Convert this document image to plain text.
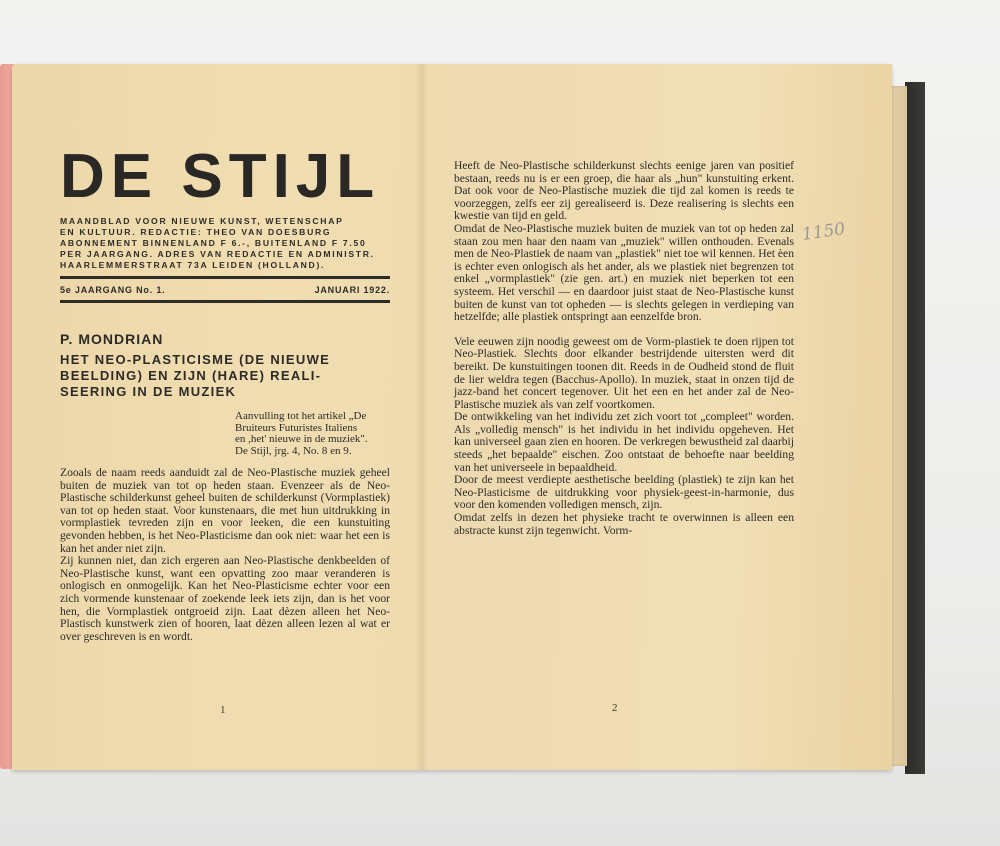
DE STIJL
MAANDBLAD VOOR NIEUWE KUNST, WETENSCHAP
EN KULTUUR. REDACTIE: THEO VAN DOESBURG
ABONNEMENT BINNENLAND F 6.-, BUITENLAND F 7.50
PER JAARGANG. ADRES VAN REDACTIE EN ADMINISTR.
HAARLEMMERSTRAAT 73A LEIDEN (HOLLAND).
5e JAARGANG No. 1.	JANUARI 1922.
P. MONDRIAN
HET NEO-PLASTICISME (DE NIEUWE
BEELDING) EN ZIJN (HARE) REALI-
SEERING IN DE MUZIEK
Aanvulling tot het artikel „De
Bruiteurs Futuristes Italiens
en ,het' nieuwe in de muziek".
De Stijl, jrg. 4, No. 8 en 9.

Zooals de naam reeds aanduidt zal de Neo-Plastische muziek geheel buiten de muziek van tot op heden staan. Evenzeer als de Neo-Plastische schilderkunst geheel buiten de schilderkunst (Vormplastiek) van tot op heden staat. Voor kunstenaars, die met hun uitdrukking in vormplastiek tevreden zijn en voor leeken, die een kunstuiting gevonden hebben, is het Neo-Plasticisme dan ook niet: waar het een is kan het ander niet zijn.

Zij kunnen niet, dan zich ergeren aan Neo-Plastische denkbeelden of Neo-Plastische kunst, want een opvatting zoo maar veranderen is onlogisch en onmogelijk. Kan het Neo-Plasticisme echter voor een zich vormende kunstenaar of zoekende leek iets zijn, dan is het voor hen, die Vormplastiek ontgroeid zijn. Laat dèzen alleen het Neo-Plastisch kunstwerk zien of hooren, laat dèzen alleen lezen al wat er over geschreven is en wordt.

Heeft de Neo-Plastische schilderkunst slechts eenige jaren van positief bestaan, reeds nu is er een groep, die haar als „hun" kunstuiting erkent. Dat ook voor de Neo-Plastische muziek die tijd zal komen is reeds te voorzeggen, zelfs eer zij gerealiseerd is. Deze realisering is slechts een kwestie van tijd en geld.

Omdat de Neo-Plastische muziek buiten de muziek van tot op heden zal staan zou men haar den naam van „muziek" willen onthouden. Evenals men de Neo-Plastiek de naam van „plastiek" niet toe wil kennen. Het èen is echter even onlogisch als het ander, als we plastiek niet begrenzen tot enkel „vormplastiek" (zie gen. art.) en muziek niet beperken tot een systeem. Het verschil — en daardoor juist staat de Neo-Plastische kunst buiten de kunst van tot opheden — is slechts gelegen in verdieping van hetzelfde; alle plastiek ontspringt aan eenzelfde bron.

Vele eeuwen zijn noodig geweest om de Vorm-plastiek te doen rijpen tot Neo-Plastiek. Slechts door elkander bestrijdende uitersten werd dit bereikt. De kunstuitingen toonen dit. Reeds in de Oudheid stond de fluit de lier weldra tegen (Bacchus-Apollo). In muziek, staat in onzen tijd de jazz-band het concert tegenover. Uit het een en het ander zal de Neo-Plastische muziek als van zelf voortkomen.

De ontwikkeling van het individu zet zich voort tot „compleet" worden. Als „volledig mensch" is het individu in het individu opgeheven. Het kan universeel gaan zien en hooren. De verkregen bewustheid zal daarbij steeds „het bepaalde" eischen. Zoo ontstaat de behoefte naar beelding van het universeele in bepaaldheid.

Door de meest verdiepte aesthetische beelding (plastiek) te zijn kan het Neo-Plasticisme de uitdrukking voor physiek-geest-in-harmonie, dus voor den komenden volledigen mensch, zijn.

Omdat zelfs in dezen het physieke tracht te overwinnen is alleen een abstracte kunst zijn tegenwicht. Vorm-

1	2
1150
